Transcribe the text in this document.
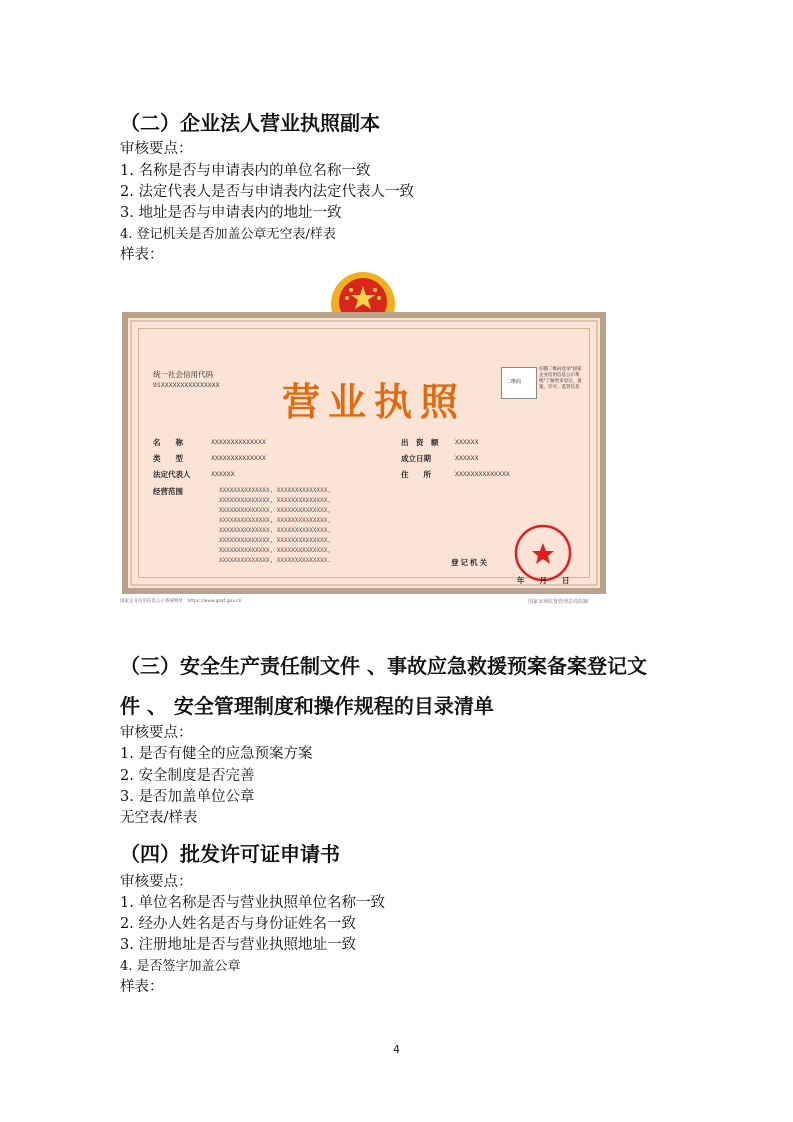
（二）企业法人营业执照副本
审核要点：
1. 名称是否与申请表内的单位名称一致
2. 法定代表人是否与申请表内法定代表人一致
3. 地址是否与申请表内的地址一致
4. 登记机关是否加盖公章无空表/样表
样表：
统一社会信用代码
91XXXXXXXXXXXXXXX 营业执照	二维码
扫描二维码登录"国家企业信用信息公示系统"了解更多登记、备案、许可、监管信息
名　　称	XXXXXXXXXXXXXX
类　　型	XXXXXXXXXXXXXX
法定代表人	XXXXXX
经营范围	XXXXXXXXXXXXXX, XXXXXXXXXXXXXX,
XXXXXXXXXXXXXX, XXXXXXXXXXXXXX,
XXXXXXXXXXXXXX, XXXXXXXXXXXXXX,
XXXXXXXXXXXXXX, XXXXXXXXXXXXXX,
XXXXXXXXXXXXXX, XXXXXXXXXXXXXX,
XXXXXXXXXXXXXX, XXXXXXXXXXXXXX,
XXXXXXXXXXXXXX, XXXXXXXXXXXXXX,
XXXXXXXXXXXXXX, XXXXXXXXXXXXXX.
出　资　额	XXXXXX
成立日期	XXXXXX
住　　所	XXXXXXXXXXXXXX
登记机关
年　　月　　日
国家企业信用信息公示系统网址：https://www.gsxt.gov.cn	国家市场监督管理总局监制
（三）安全生产责任制文件 、事故应急救援预案备案登记文
件 、 安全管理制度和操作规程的目录清单
审核要点：
1. 是否有健全的应急预案方案
2. 安全制度是否完善
3. 是否加盖单位公章
无空表/样表
（四）批发许可证申请书
审核要点：
1. 单位名称是否与营业执照单位名称一致
2. 经办人姓名是否与身份证姓名一致
3. 注册地址是否与营业执照地址一致
4. 是否签字加盖公章
样表：
4
